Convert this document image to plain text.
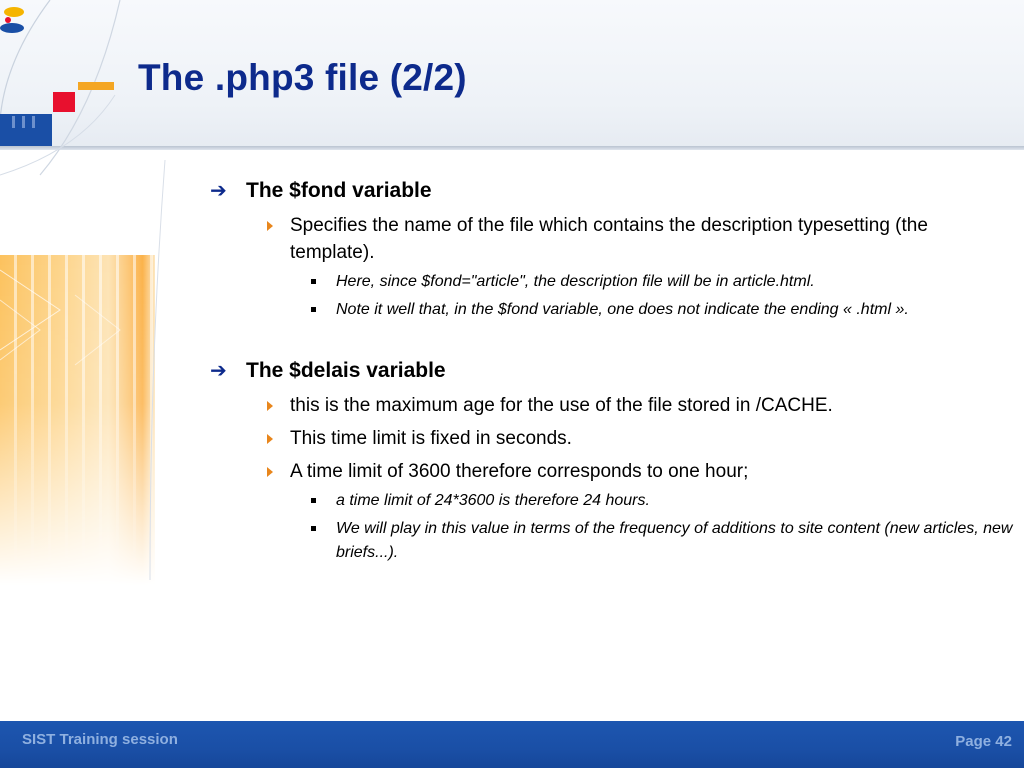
The .php3 file (2/2)
➔ The $fond variable
Specifies the name of the file which contains the description typesetting (the template).
Here, since $fond="article", the description file will be in article.html.
Note it well that, in the $fond variable, one does not indicate the ending « .html ».
➔ The $delais variable
this is the maximum age for the use of the file stored in /CACHE.
This time limit is fixed in seconds.
A time limit of 3600 therefore corresponds to one hour;
a time limit of 24*3600 is therefore 24 hours.
We will play in this value in terms of the frequency of additions to site content (new articles, new briefs...).
SIST Training session	Page 42
